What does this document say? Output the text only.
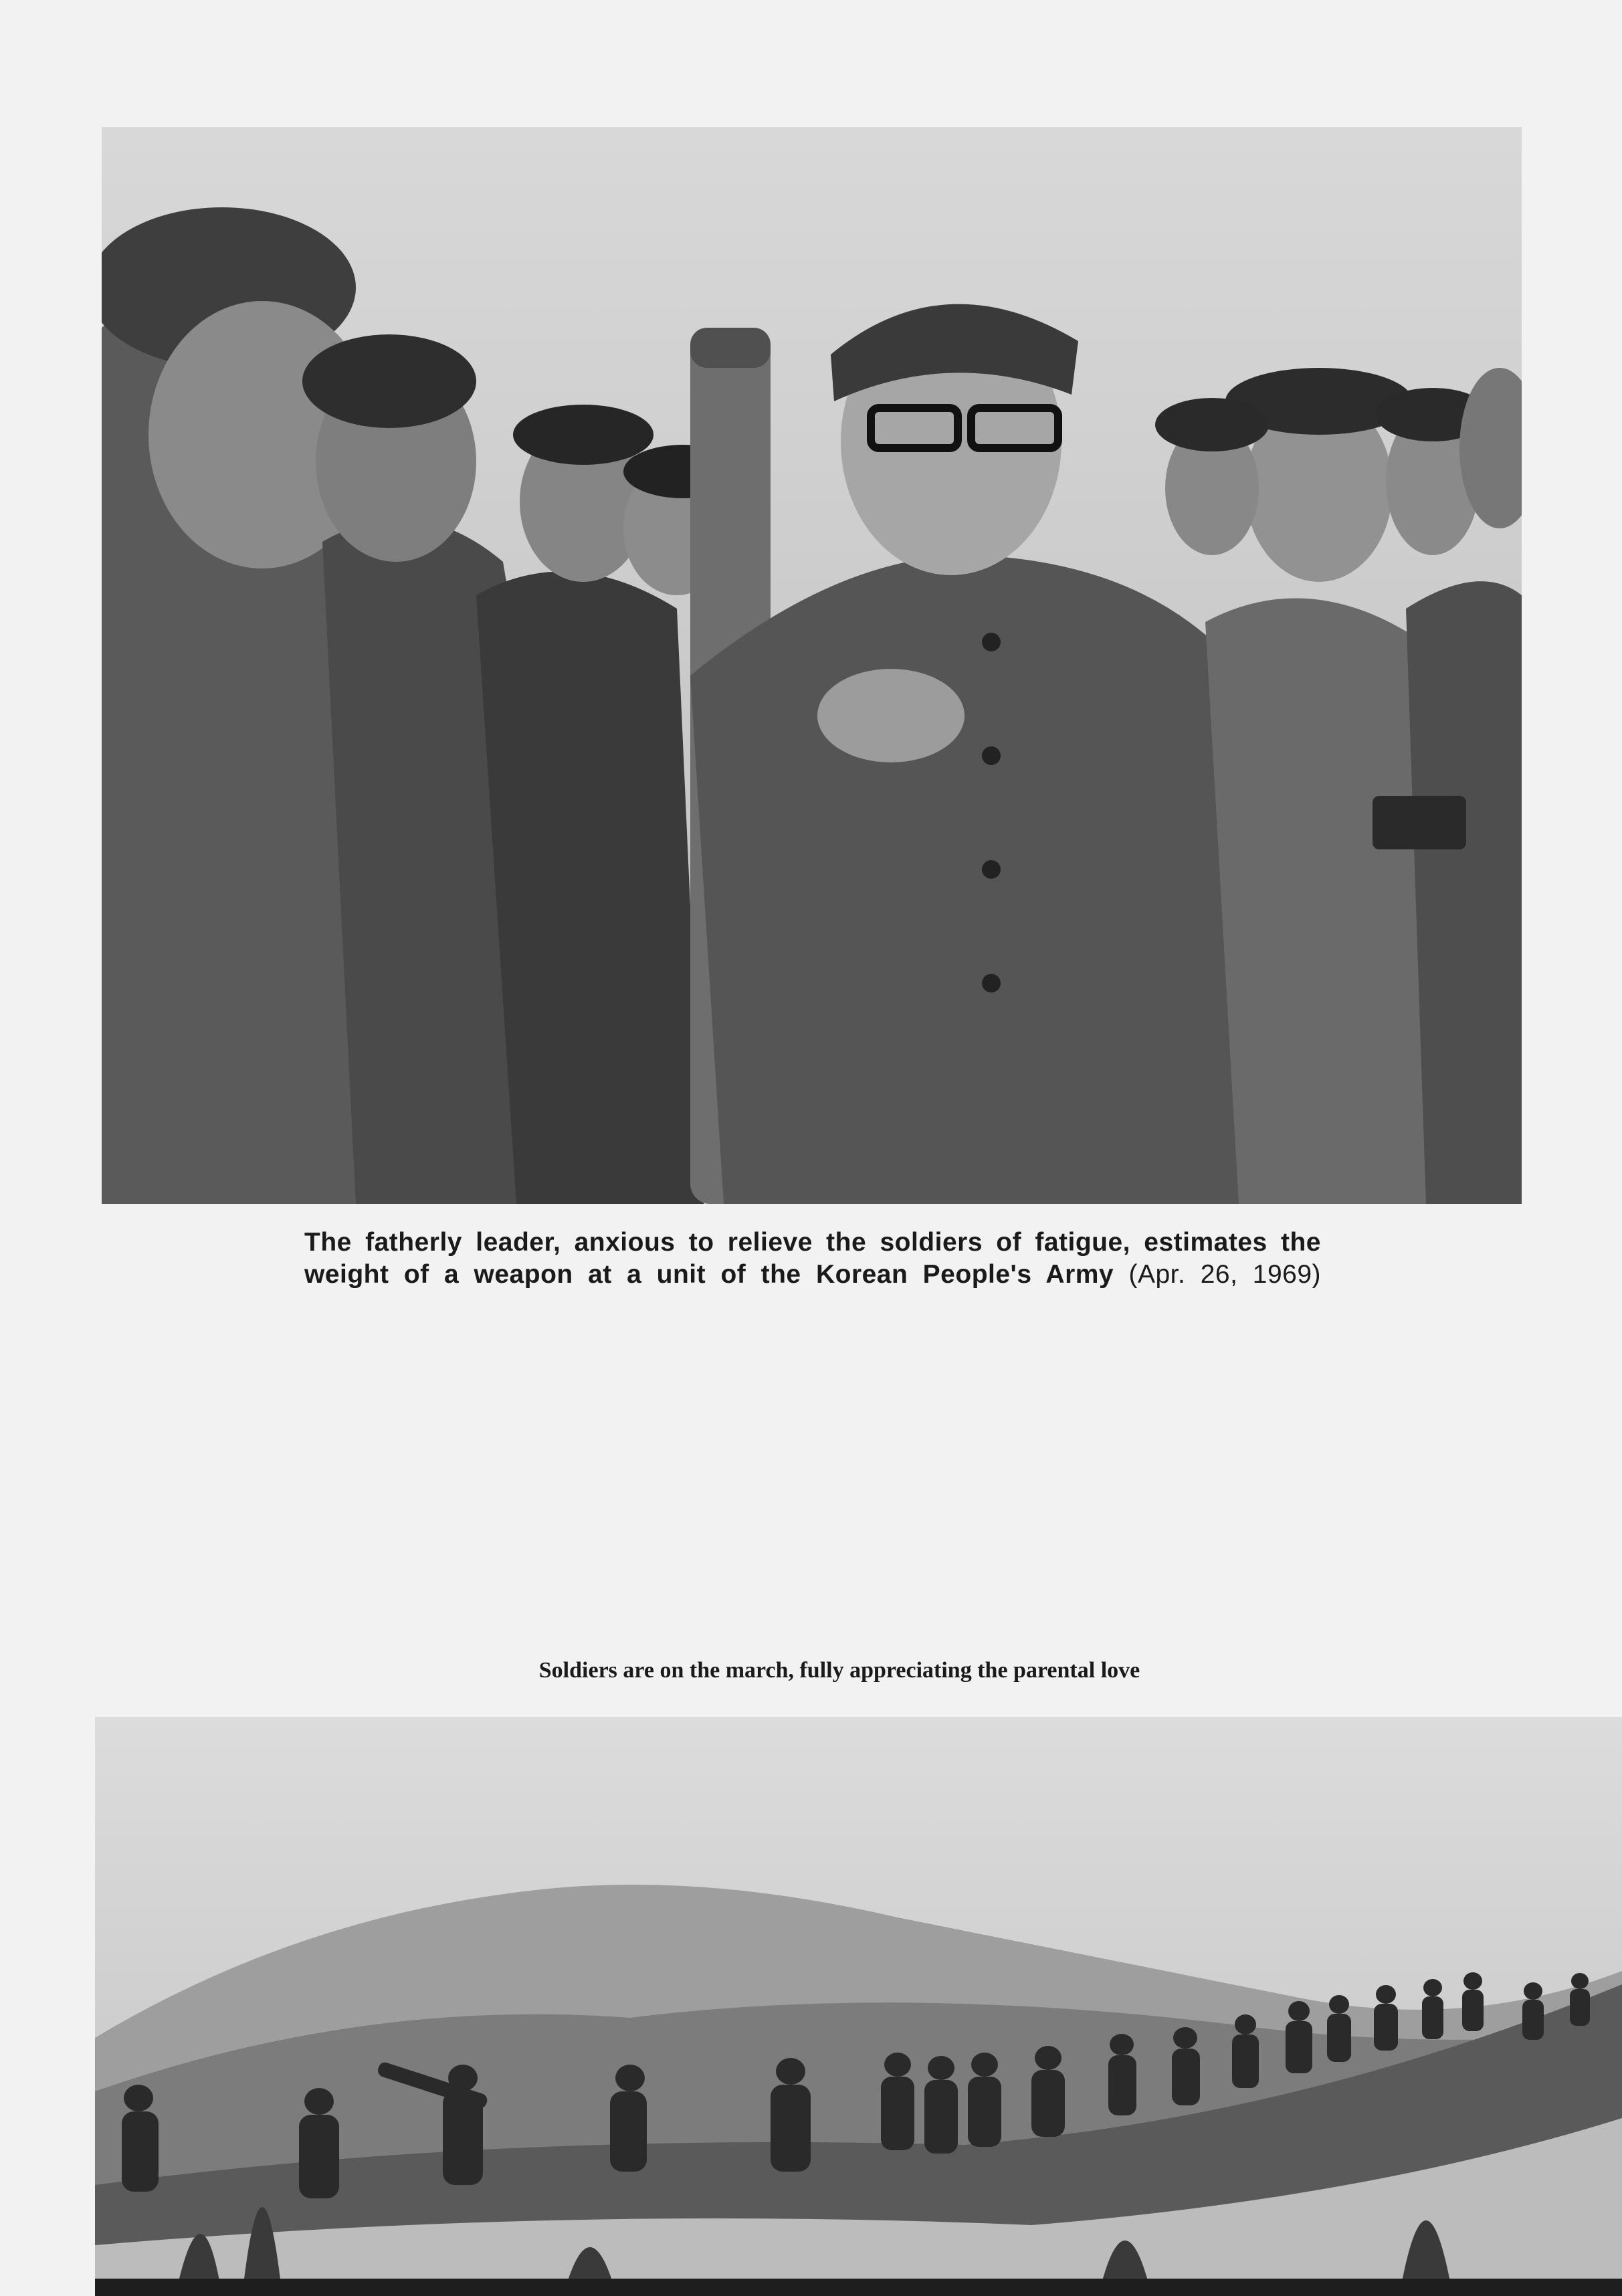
The fatherly leader, anxious to relieve the soldiers of fatigue, estimates the
weight of a weapon at a unit of the Korean People's Army (Apr. 26, 1969)
Soldiers are on the march, fully appreciating the parental love
